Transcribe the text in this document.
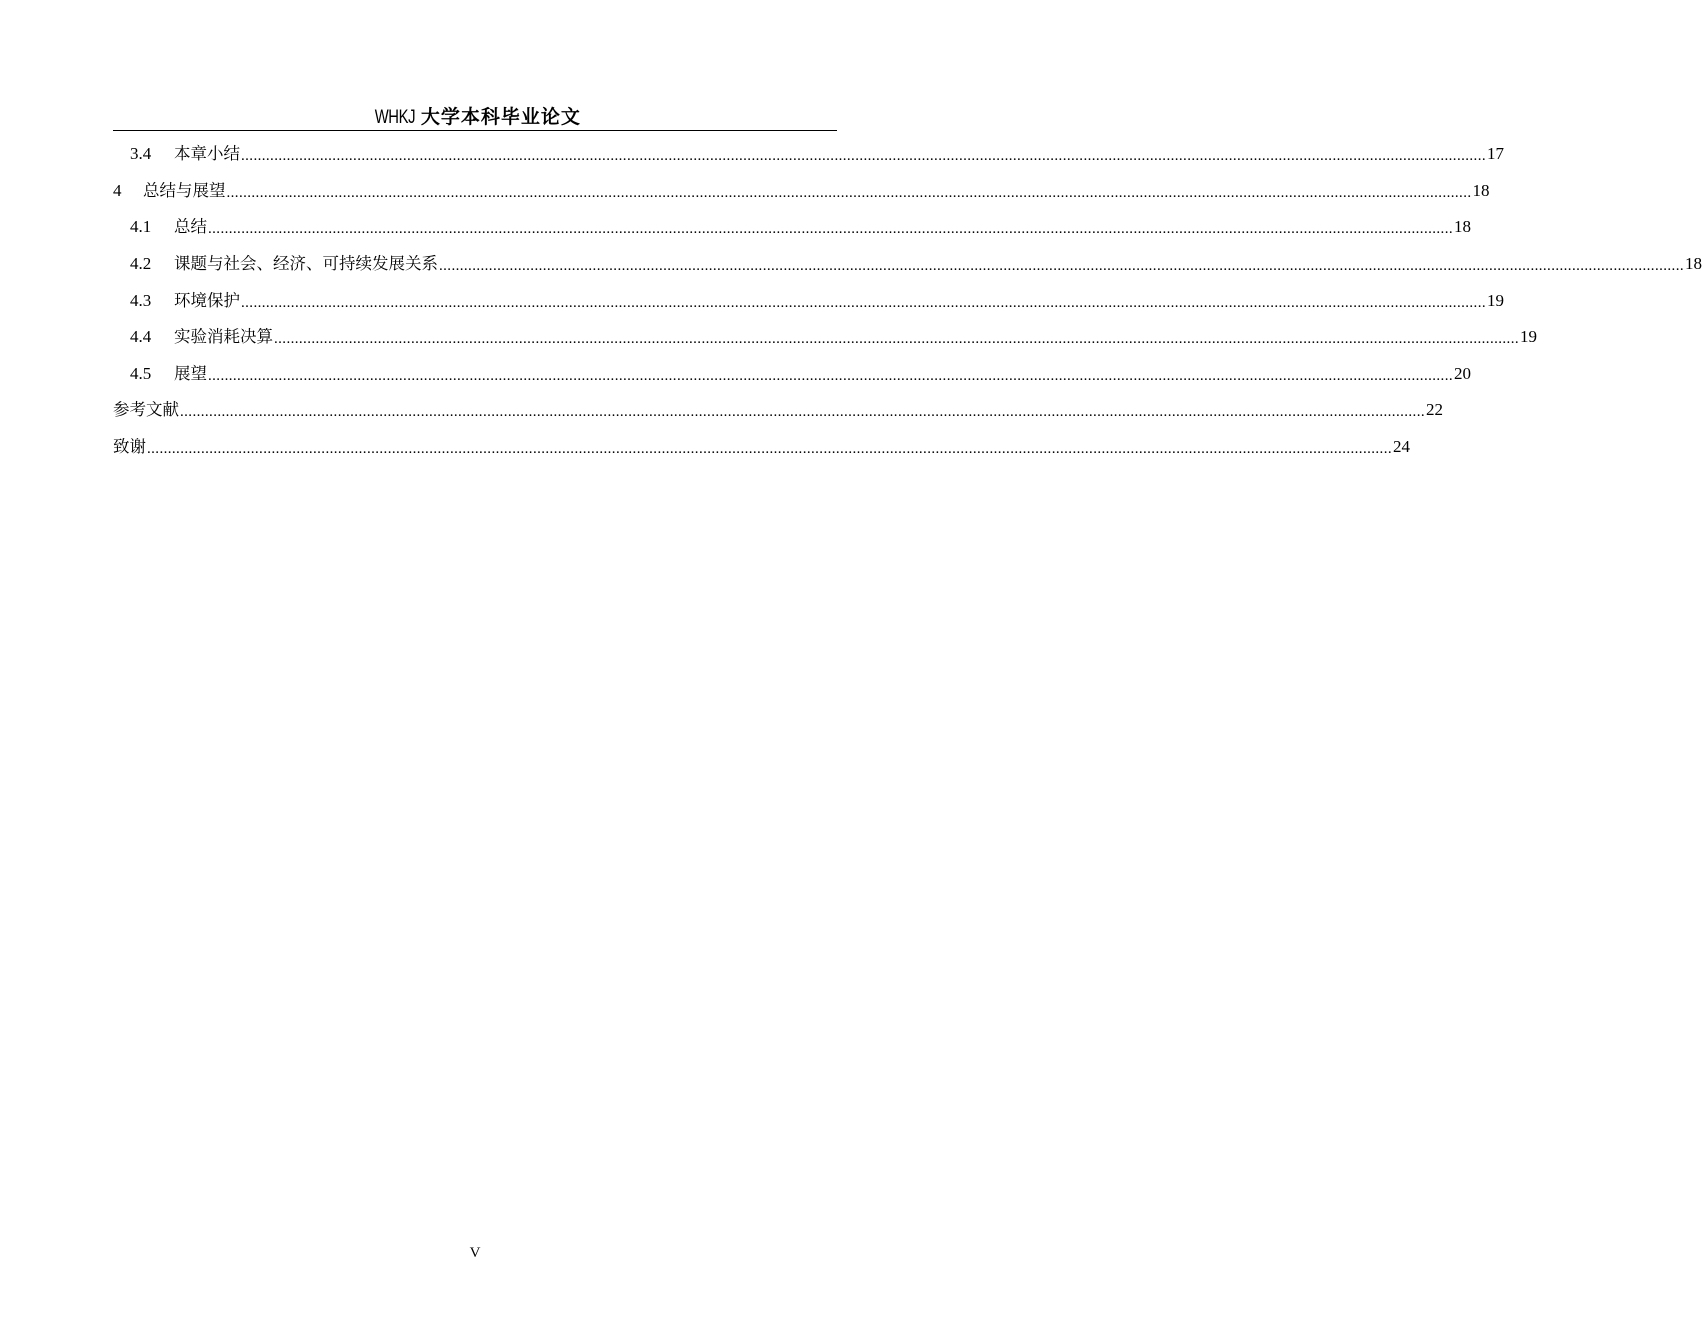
WHKJ 大学本科毕业论文
3.4	本章小结 ............................................................................................................................................................................................................................................................................................................ 17
4	总结与展望 ............................................................................................................................................................................................................................................................................................................ 18
4.1	总结 ............................................................................................................................................................................................................................................................................................................ 18
4.2	课题与社会、经济、可持续发展关系 ............................................................................................................................................................................................................................................................................................................ 18
4.3	环境保护 ............................................................................................................................................................................................................................................................................................................ 19
4.4	实验消耗决算 ............................................................................................................................................................................................................................................................................................................ 19
4.5	展望 ............................................................................................................................................................................................................................................................................................................ 20
参考文献 ............................................................................................................................................................................................................................................................................................................ 22
致谢 ............................................................................................................................................................................................................................................................................................................ 24
V
